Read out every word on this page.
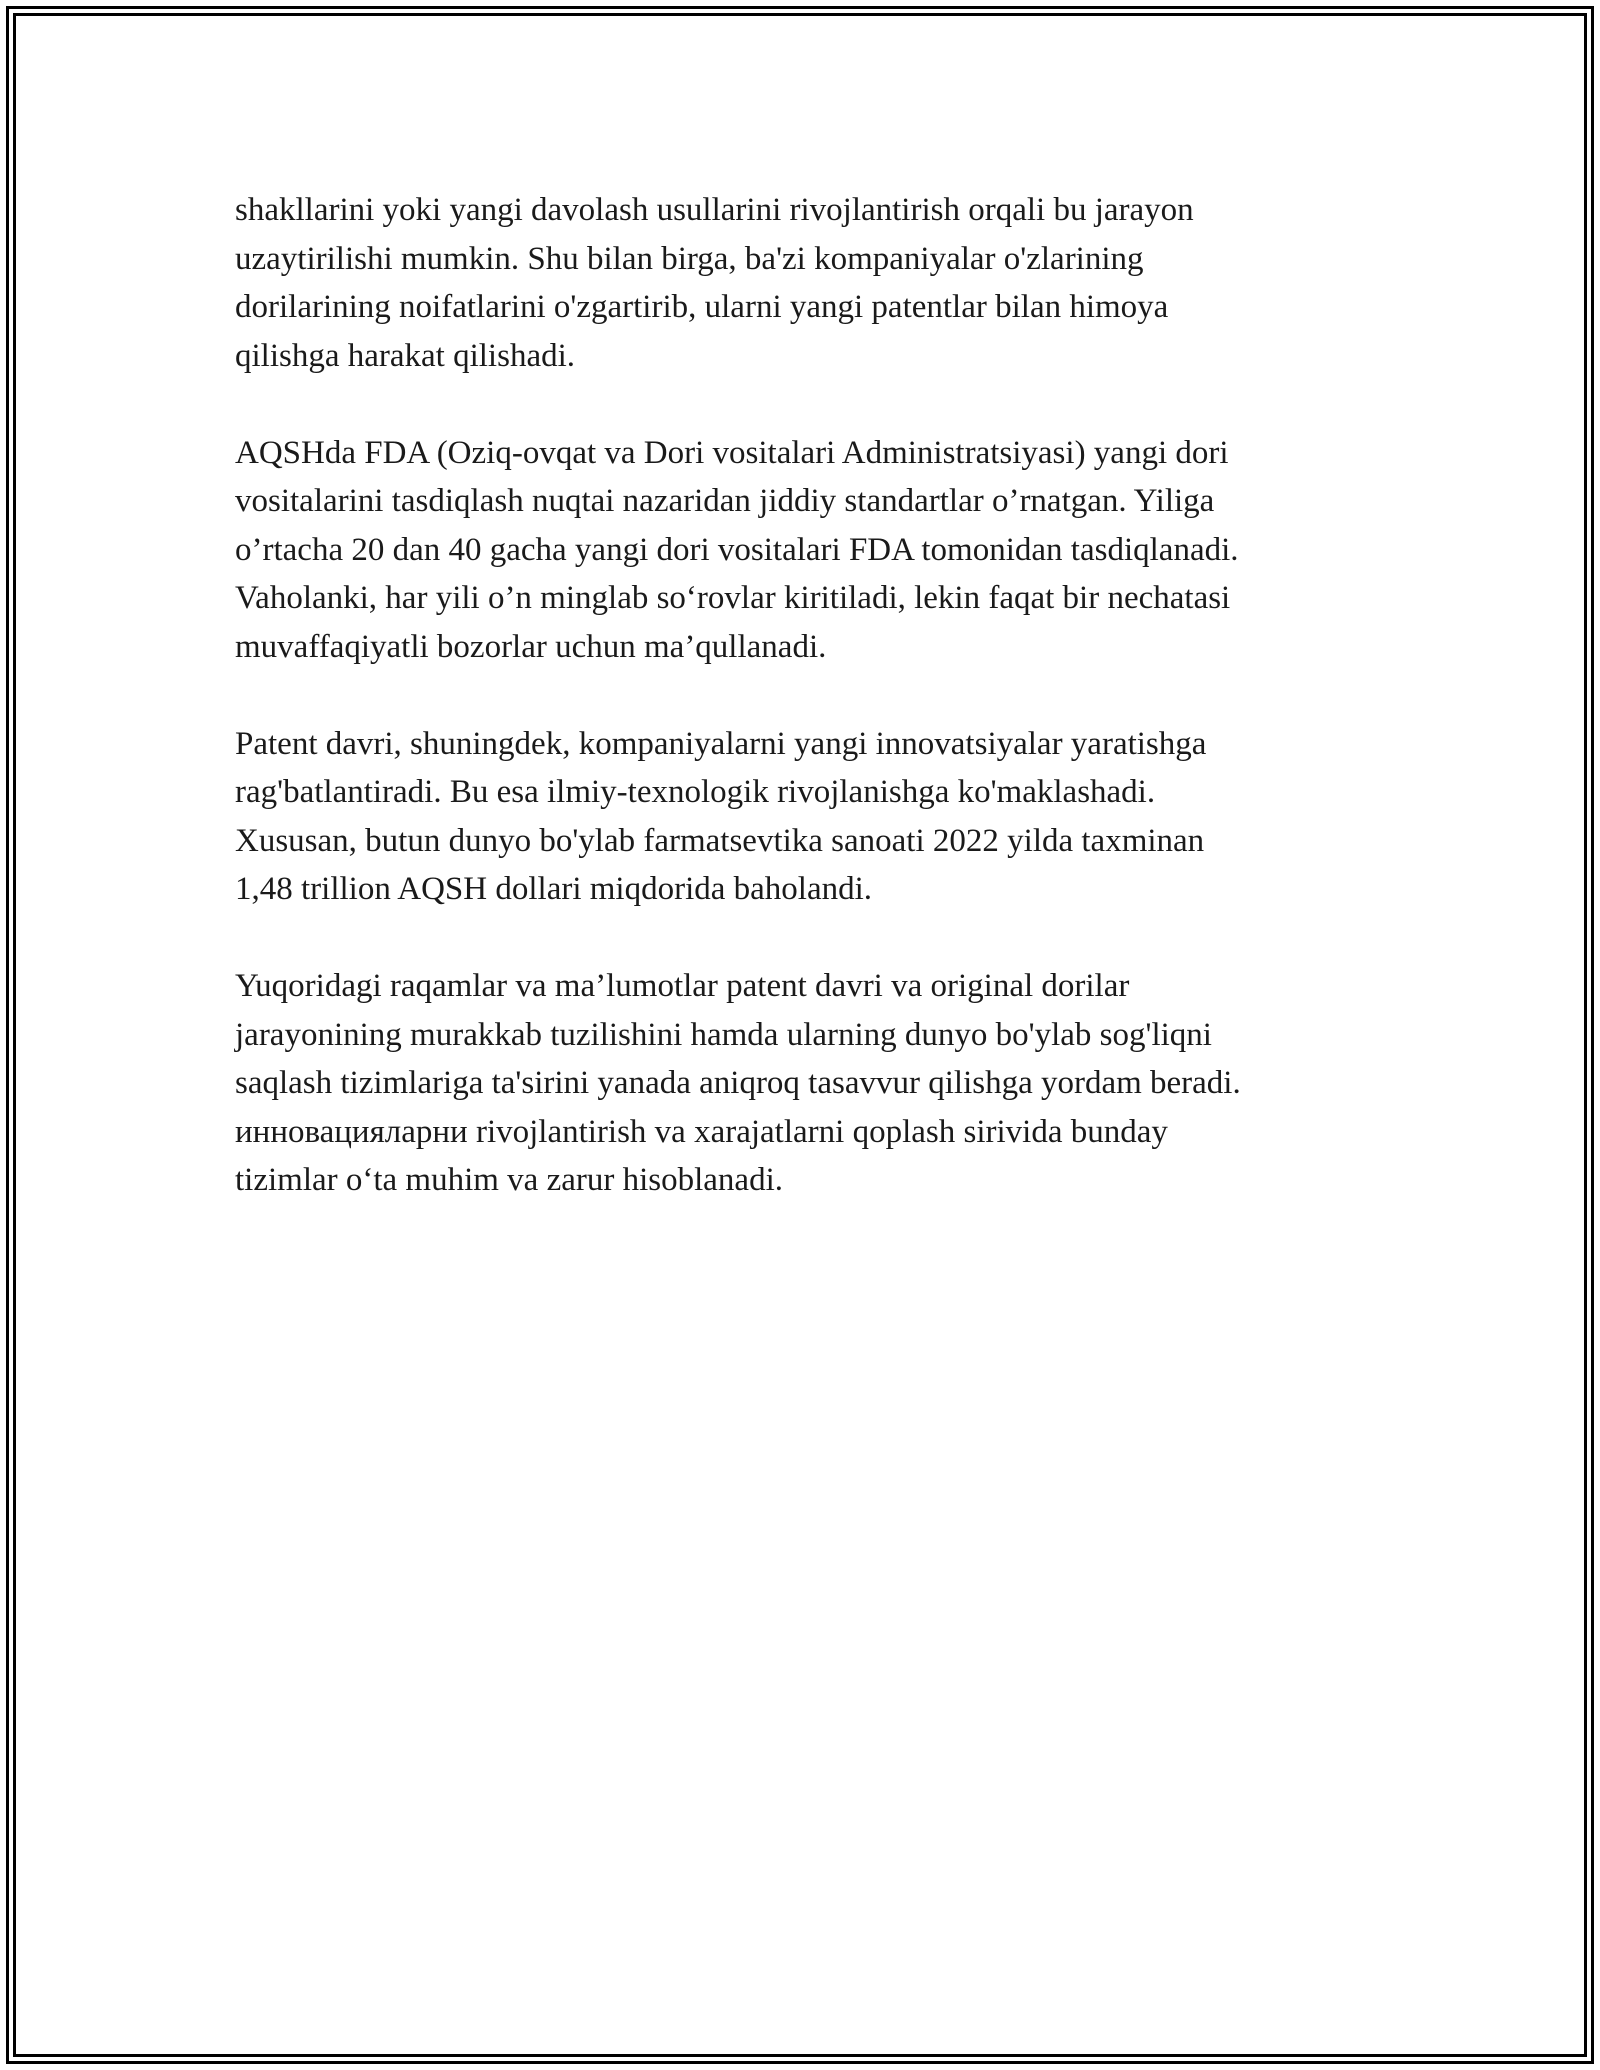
shakllarini yoki yangi davolash usullarini rivojlantirish orqali bu jarayon
uzaytirilishi mumkin. Shu bilan birga, ba'zi kompaniyalar o'zlarining
dorilarining noifatlarini o'zgartirib, ularni yangi patentlar bilan himoya
qilishga harakat qilishadi.

AQSHda FDA (Oziq-ovqat va Dori vositalari Administratsiyasi) yangi dori
vositalarini tasdiqlash nuqtai nazaridan jiddiy standartlar o’rnatgan. Yiliga
o’rtacha 20 dan 40 gacha yangi dori vositalari FDA tomonidan tasdiqlanadi.
Vaholanki, har yili o’n minglab so‘rovlar kiritiladi, lekin faqat bir nechatasi
muvaffaqiyatli bozorlar uchun ma’qullanadi.

Patent davri, shuningdek, kompaniyalarni yangi innovatsiyalar yaratishga
rag'batlantiradi. Bu esa ilmiy-texnologik rivojlanishga ko'maklashadi.
Xususan, butun dunyo bo'ylab farmatsevtika sanoati 2022 yilda taxminan
1,48 trillion AQSH dollari miqdorida baholandi.

Yuqoridagi raqamlar va ma’lumotlar patent davri va original dorilar
jarayonining murakkab tuzilishini hamda ularning dunyo bo'ylab sog'liqni
saqlash tizimlariga ta'sirini yanada aniqroq tasavvur qilishga yordam beradi.
инновацияларни rivojlantirish va xarajatlarni qoplash sirivida bunday
tizimlar o‘ta muhim va zarur hisoblanadi.
